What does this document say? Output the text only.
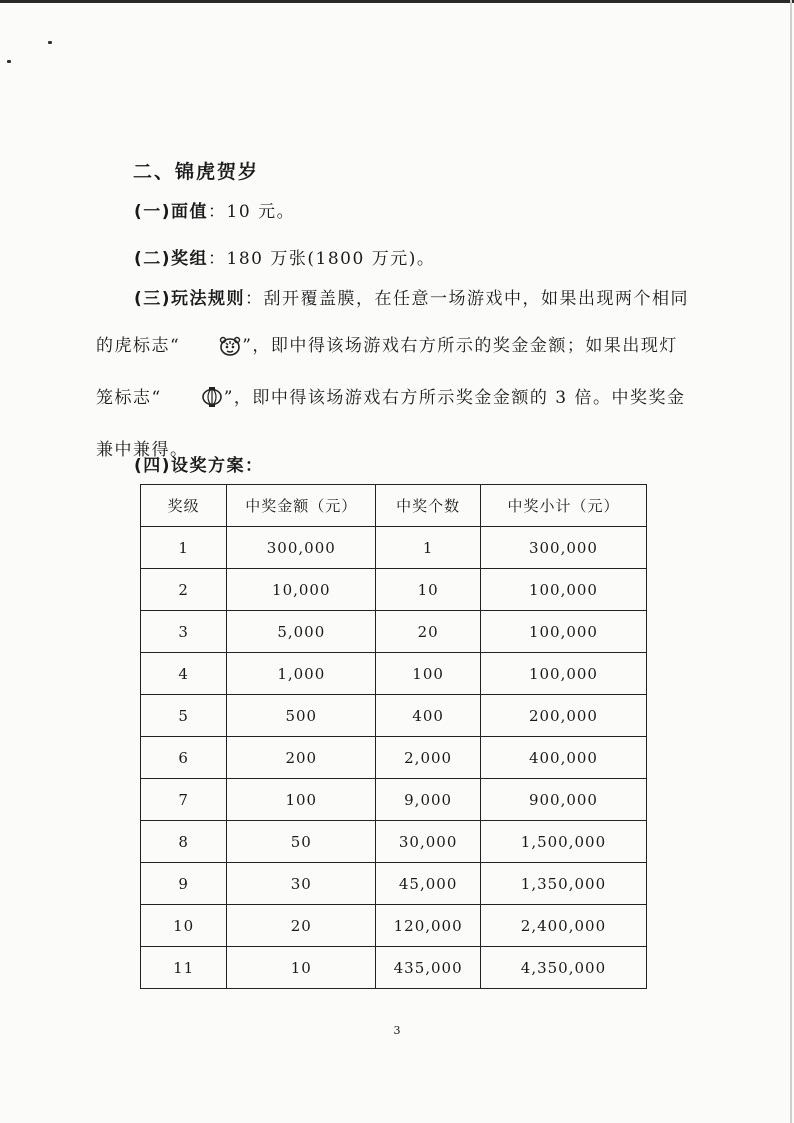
二、锦虎贺岁
(一)面值：10 元。
(二)奖组：180 万张(1800 万元)。
(三)玩法规则：刮开覆盖膜，在任意一场游戏中，如果出现两个相同的虎标志“	”，即中得该场游戏右方所示的奖金金额；如果出现灯笼标志“	”，即中得该场游戏右方所示奖金金额的 3 倍。中奖奖金兼中兼得。
(四)设奖方案：
奖级	中奖金额（元）	中奖个数	中奖小计（元）
1	300,000	1	300,000
2	10,000	10	100,000
3	5,000	20	100,000
4	1,000	100	100,000
5	500	400	200,000
6	200	2,000	400,000
7	100	9,000	900,000
8	50	30,000	1,500,000
9	30	45,000	1,350,000
10	20	120,000	2,400,000
11	10	435,000	4,350,000
3
